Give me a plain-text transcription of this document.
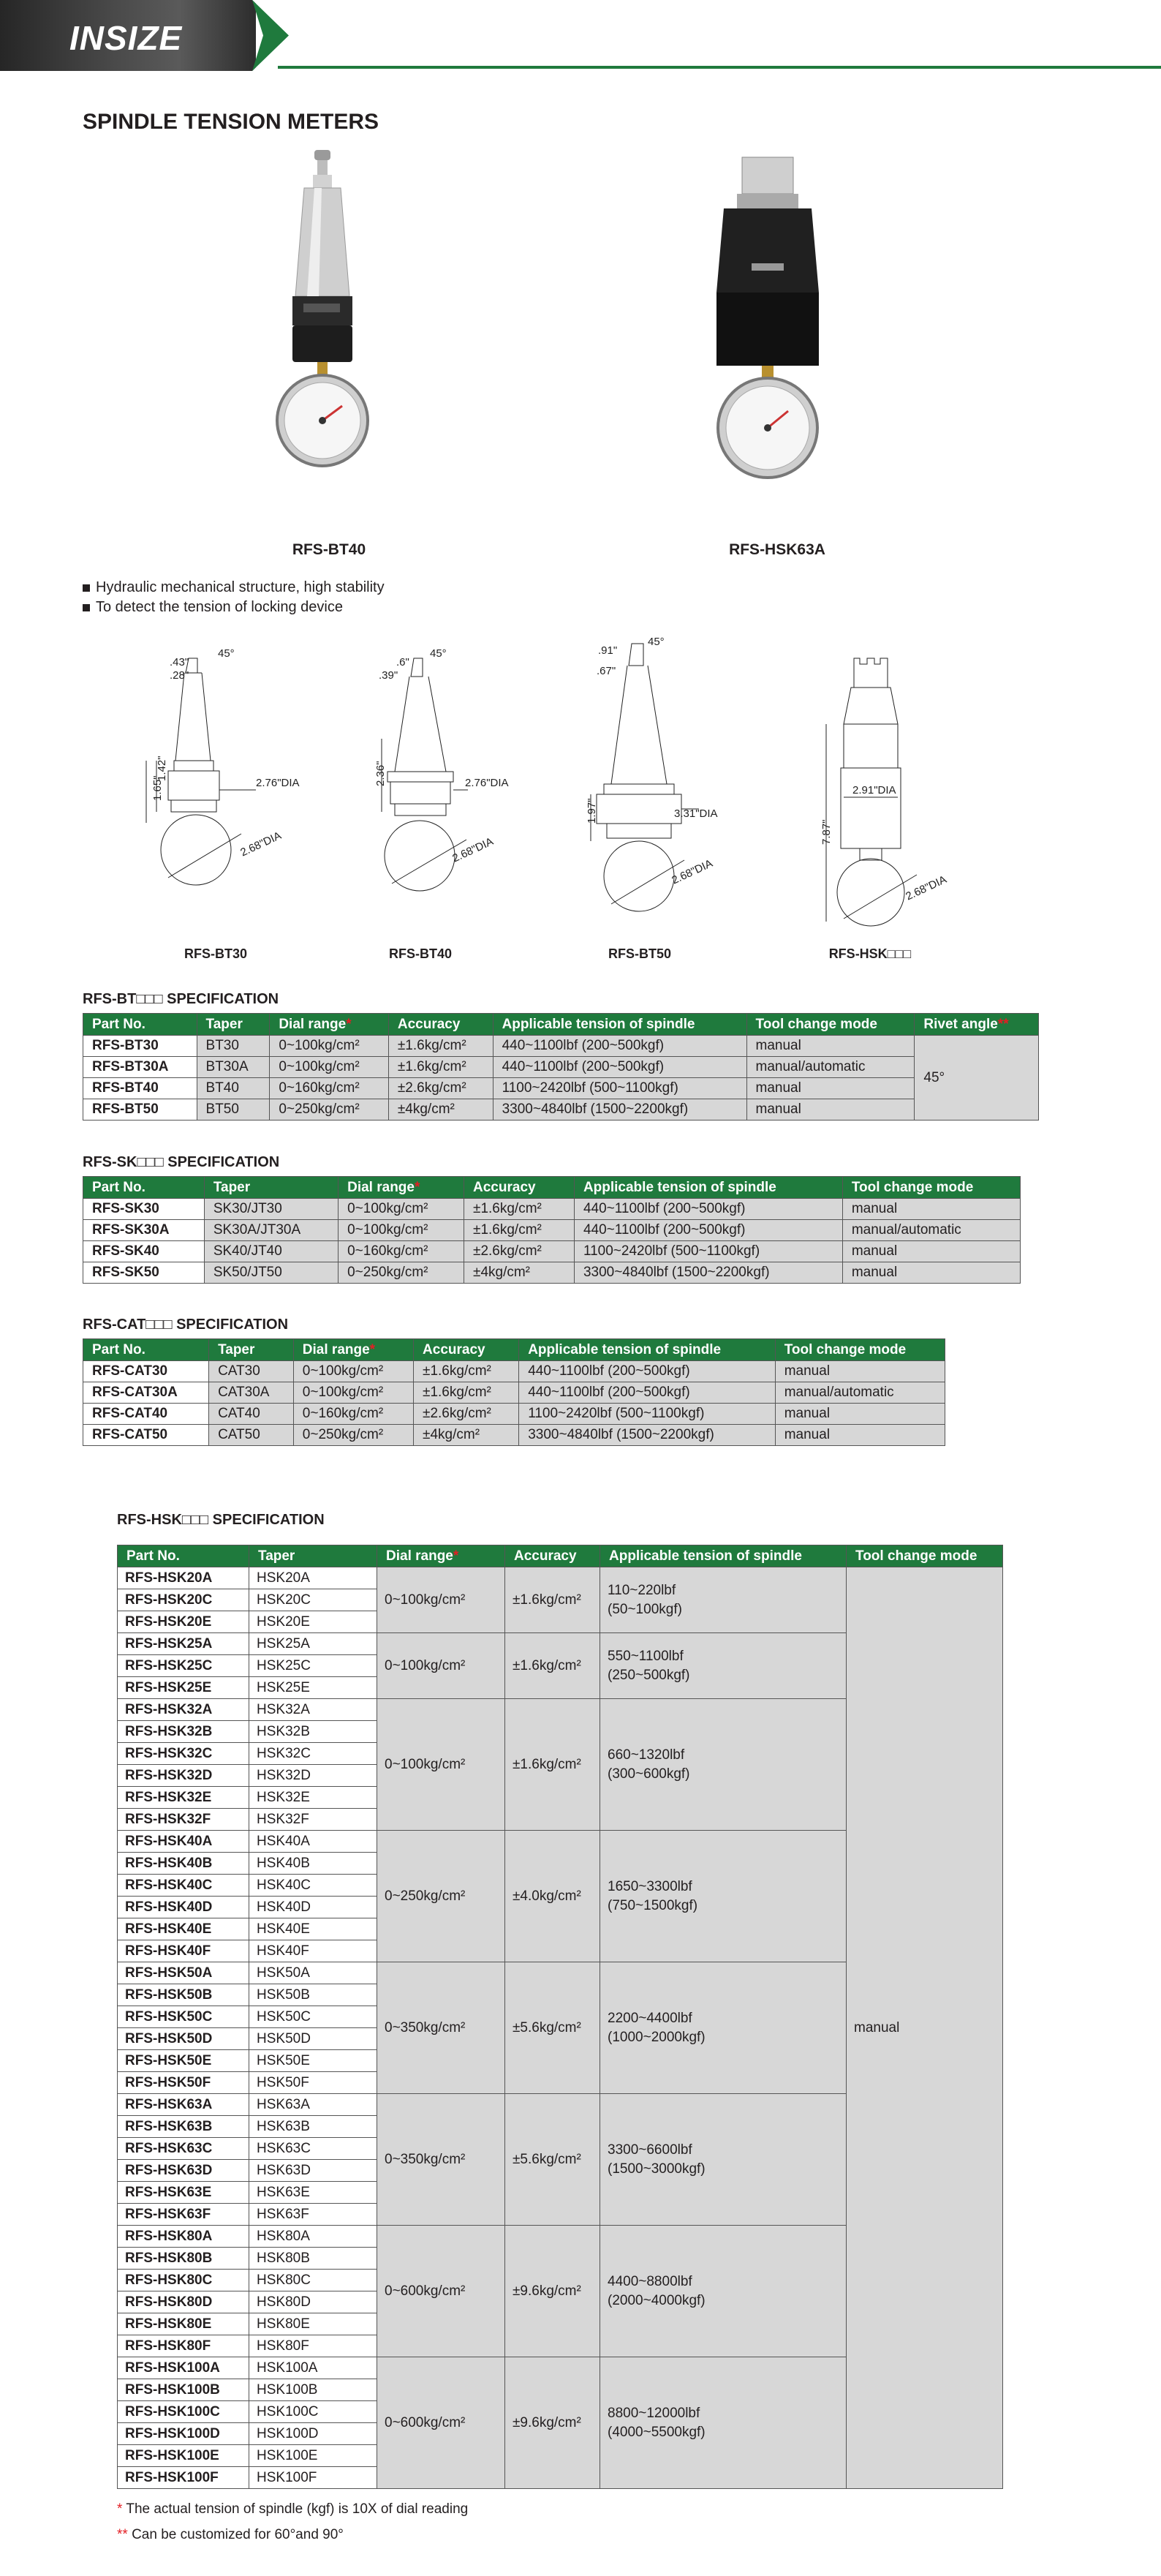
INSIZE
SPINDLE TENSION METERS
RFS-BT40	RFS-HSK63A
Hydraulic mechanical structure, high stability
To detect the tension of locking device
.43"
.28"
45°
1.65"
1.42"
2.76"DIA
2.68"DIA
.6"
.39"
45°
2.36"	2.76"DIA
2.68"DIA
.91"
.67"
45°
1.97"	3.31"DIA
2.68"DIA
7.87"
2.91"DIA
2.68"DIA
RFS-BT30	RFS-BT40	RFS-BT50	RFS-HSK□□□
RFS-BT□□□ SPECIFICATION
Part No.	Taper	Dial range*	Accuracy	Applicable tension of spindle	Tool change mode	Rivet angle**
RFS-BT30	BT30	0~100kg/cm²	±1.6kg/cm²	440~1100lbf (200~500kgf)	manual	45°
RFS-BT30A	BT30A	0~100kg/cm²	±1.6kg/cm²	440~1100lbf (200~500kgf)	manual/automatic	
RFS-BT40	BT40	0~160kg/cm²	±2.6kg/cm²	1100~2420lbf (500~1100kgf)	manual	
RFS-BT50	BT50	0~250kg/cm²	±4kg/cm²	3300~4840lbf (1500~2200kgf)	manual	
RFS-SK□□□ SPECIFICATION
Part No.	Taper	Dial range*	Accuracy	Applicable tension of spindle	Tool change mode
RFS-SK30	SK30/JT30	0~100kg/cm²	±1.6kg/cm²	440~1100lbf (200~500kgf)	manual
RFS-SK30A	SK30A/JT30A	0~100kg/cm²	±1.6kg/cm²	440~1100lbf (200~500kgf)	manual/automatic
RFS-SK40	SK40/JT40	0~160kg/cm²	±2.6kg/cm²	1100~2420lbf (500~1100kgf)	manual
RFS-SK50	SK50/JT50	0~250kg/cm²	±4kg/cm²	3300~4840lbf (1500~2200kgf)	manual
RFS-CAT□□□ SPECIFICATION
Part No.	Taper	Dial range*	Accuracy	Applicable tension of spindle	Tool change mode
RFS-CAT30	CAT30	0~100kg/cm²	±1.6kg/cm²	440~1100lbf (200~500kgf)	manual
RFS-CAT30A	CAT30A	0~100kg/cm²	±1.6kg/cm²	440~1100lbf (200~500kgf)	manual/automatic
RFS-CAT40	CAT40	0~160kg/cm²	±2.6kg/cm²	1100~2420lbf (500~1100kgf)	manual
RFS-CAT50	CAT50	0~250kg/cm²	±4kg/cm²	3300~4840lbf (1500~2200kgf)	manual
RFS-HSK□□□ SPECIFICATION
Part No.	Taper	Dial range*	Accuracy	Applicable tension of spindle	Tool change mode
RFS-HSK20A	HSK20A	0~100kg/cm²	±1.6kg/cm²	110~220lbf
(50~100kgf)	manual
RFS-HSK20C	HSK20C				
RFS-HSK20E	HSK20E				
RFS-HSK25A	HSK25A	0~100kg/cm²	±1.6kg/cm²	550~1100lbf
(250~500kgf)	

RFS-HSK25C	HSK25C				
RFS-HSK25E	HSK25E				
RFS-HSK32A	HSK32A	0~100kg/cm²	±1.6kg/cm²	660~1320lbf
(300~600kgf)	

RFS-HSK32B	HSK32B				
RFS-HSK32C	HSK32C				
RFS-HSK32D	HSK32D				
RFS-HSK32E	HSK32E				
RFS-HSK32F	HSK32F				
RFS-HSK40A	HSK40A	0~250kg/cm²	±4.0kg/cm²	1650~3300lbf
(750~1500kgf)	

RFS-HSK40B	HSK40B				
RFS-HSK40C	HSK40C				
RFS-HSK40D	HSK40D				
RFS-HSK40E	HSK40E				
RFS-HSK40F	HSK40F				
RFS-HSK50A	HSK50A	0~350kg/cm²	±5.6kg/cm²	2200~4400lbf
(1000~2000kgf)	

RFS-HSK50B	HSK50B				
RFS-HSK50C	HSK50C				
RFS-HSK50D	HSK50D				
RFS-HSK50E	HSK50E				
RFS-HSK50F	HSK50F				
RFS-HSK63A	HSK63A	0~350kg/cm²	±5.6kg/cm²	3300~6600lbf
(1500~3000kgf)	

RFS-HSK63B	HSK63B				
RFS-HSK63C	HSK63C				
RFS-HSK63D	HSK63D				
RFS-HSK63E	HSK63E				
RFS-HSK63F	HSK63F				
RFS-HSK80A	HSK80A	0~600kg/cm²	±9.6kg/cm²	4400~8800lbf
(2000~4000kgf)	

RFS-HSK80B	HSK80B				
RFS-HSK80C	HSK80C				
RFS-HSK80D	HSK80D				
RFS-HSK80E	HSK80E				
RFS-HSK80F	HSK80F				
RFS-HSK100A	HSK100A	0~600kg/cm²	±9.6kg/cm²	8800~12000lbf
(4000~5500kgf)	

RFS-HSK100B	HSK100B				
RFS-HSK100C	HSK100C				
RFS-HSK100D	HSK100D				
RFS-HSK100E	HSK100E				
RFS-HSK100F	HSK100F				
* The actual tension of spindle (kgf) is 10X of dial reading
** Can be customized for 60°and 90°
